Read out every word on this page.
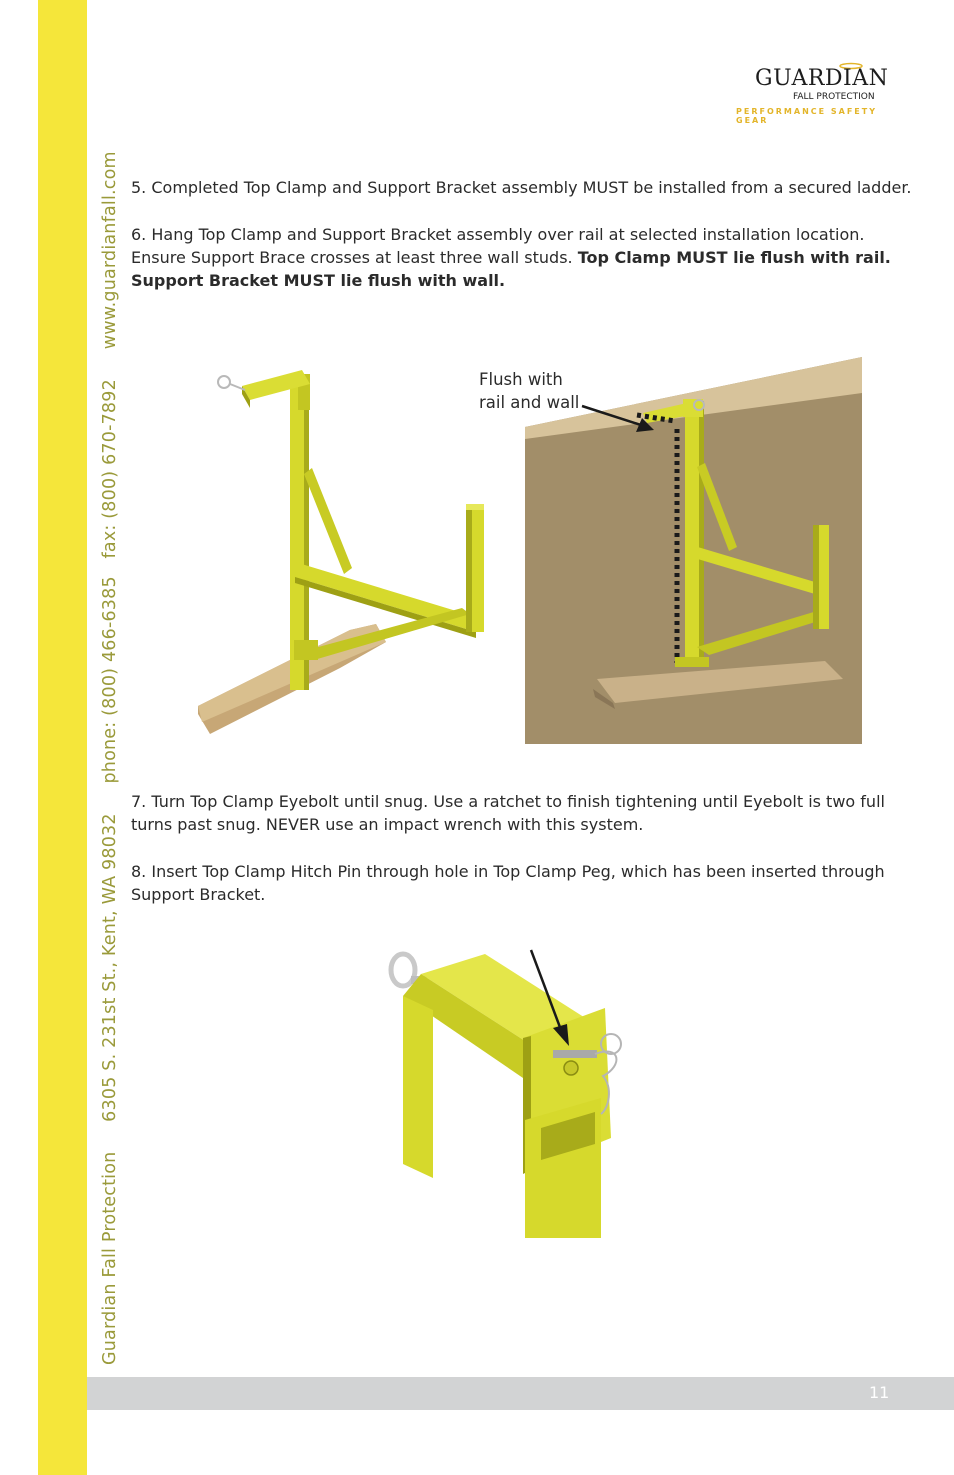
Guardian Fall Protection 6305 S. 231st St., Kent, WA 98032 phone: (800) 466-6385 fax: (800) 670-7892 www.guardianfall.com
GUARDIAN
FALL PROTECTION
PERFORMANCE SAFETY GEAR
5. Completed Top Clamp and Support Bracket assembly MUST be installed from a secured ladder.
6. Hang Top Clamp and Support Bracket assembly over rail at selected installation location. Ensure Support Brace crosses at least three wall studs. Top Clamp MUST lie flush with rail. Support Bracket MUST lie flush with wall.
Flush with
rail and wall
7. Turn Top Clamp Eyebolt until snug. Use a ratchet to finish tightening until Eyebolt is two full turns past snug. NEVER use an impact wrench with this system.
8. Insert Top Clamp Hitch Pin through hole in Top Clamp Peg, which has been inserted through Support Bracket.
11
